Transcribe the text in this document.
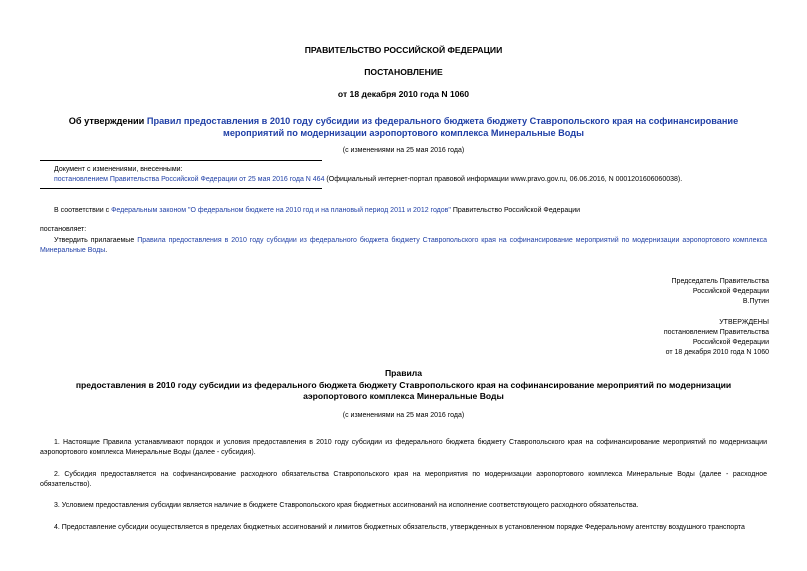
ПРАВИТЕЛЬСТВО РОССИЙСКОЙ ФЕДЕРАЦИИ
ПОСТАНОВЛЕНИЕ
от 18 декабря 2010 года N 1060
Об утверждении Правил предоставления в 2010 году субсидии из федерального бюджета бюджету Ставропольского края на софинансирование мероприятий по модернизации аэропортового комплекса Минеральные Воды
(с изменениями на 25 мая 2016 года)
Документ с изменениями, внесенными:
постановлением Правительства Российской Федерации от 25 мая 2016 года N 464 (Официальный интернет-портал правовой информации www.pravo.gov.ru, 06.06.2016, N 0001201606060038).
В соответствии с Федеральным законом "О федеральном бюджете на 2010 год и на плановый период 2011 и 2012 годов" Правительство Российской Федерации
постановляет:
Утвердить прилагаемые Правила предоставления в 2010 году субсидии из федерального бюджета бюджету Ставропольского края на софинансирование мероприятий по модернизации аэропортового комплекса Минеральные Воды.
Председатель Правительства
Российской Федерации
В.Путин
УТВЕРЖДЕНЫ
постановлением Правительства
Российской Федерации
от 18 декабря 2010 года N 1060
Правила
предоставления в 2010 году субсидии из федерального бюджета бюджету Ставропольского края на софинансирование мероприятий по модернизации аэропортового комплекса Минеральные Воды
(с изменениями на 25 мая 2016 года)
1. Настоящие Правила устанавливают порядок и условия предоставления в 2010 году субсидии из федерального бюджета бюджету Ставропольского края на софинансирование мероприятий по модернизации аэропортового комплекса Минеральные Воды (далее - субсидия).
2. Субсидия предоставляется на софинансирование расходного обязательства Ставропольского края на мероприятия по модернизации аэропортового комплекса Минеральные Воды (далее - расходное обязательство).
3. Условием предоставления субсидии является наличие в бюджете Ставропольского края бюджетных ассигнований на исполнение соответствующего расходного обязательства.
4. Предоставление субсидии осуществляется в пределах бюджетных ассигнований и лимитов бюджетных обязательств, утвержденных в установленном порядке Федеральному агентству воздушного транспорта
